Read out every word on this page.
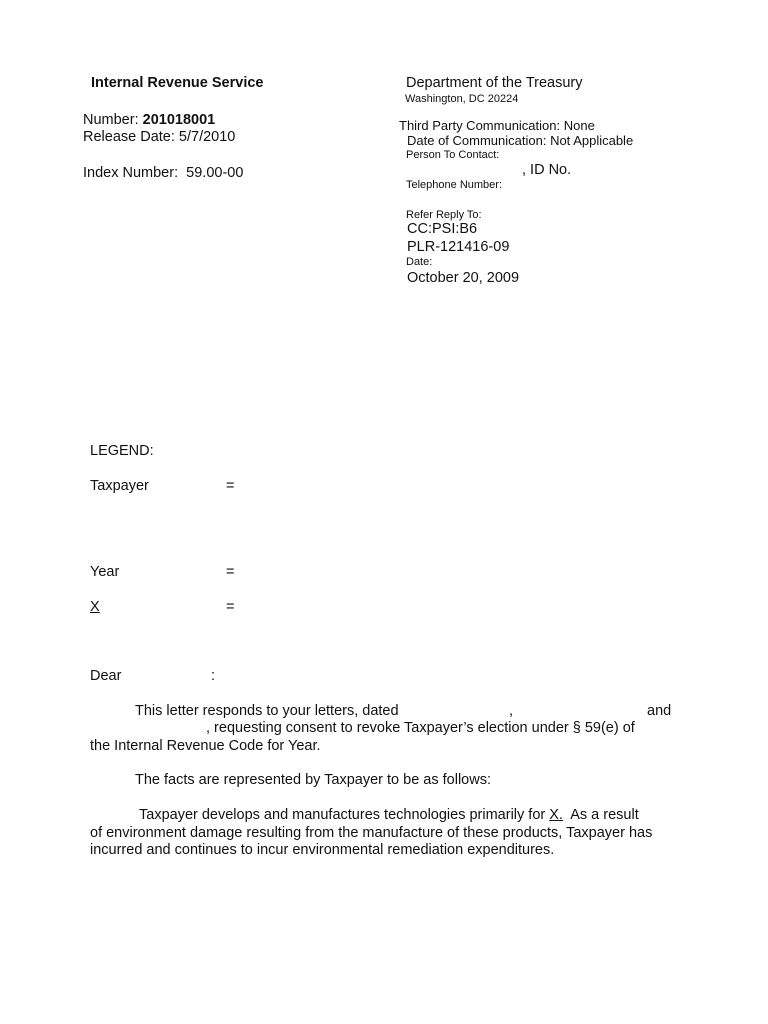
Internal Revenue Service
Number: 201018001
Release Date: 5/7/2010
Index Number: 59.00-00
Department of the Treasury
Washington, DC 20224
Third Party Communication: None
Date of Communication: Not Applicable
Person To Contact:
, ID No.
Telephone Number:
Refer Reply To:
CC:PSI:B6
PLR-121416-09
Date:
October 20, 2009
LEGEND:
Taxpayer	=
Year	=
X	=
Dear	:
This letter responds to your letters, dated	,	and
, requesting consent to revoke Taxpayer’s election under § 59(e) of
the Internal Revenue Code for Year.
The facts are represented by Taxpayer to be as follows:
Taxpayer develops and manufactures technologies primarily for X. As a result
of environment damage resulting from the manufacture of these products, Taxpayer has
incurred and continues to incur environmental remediation expenditures.
